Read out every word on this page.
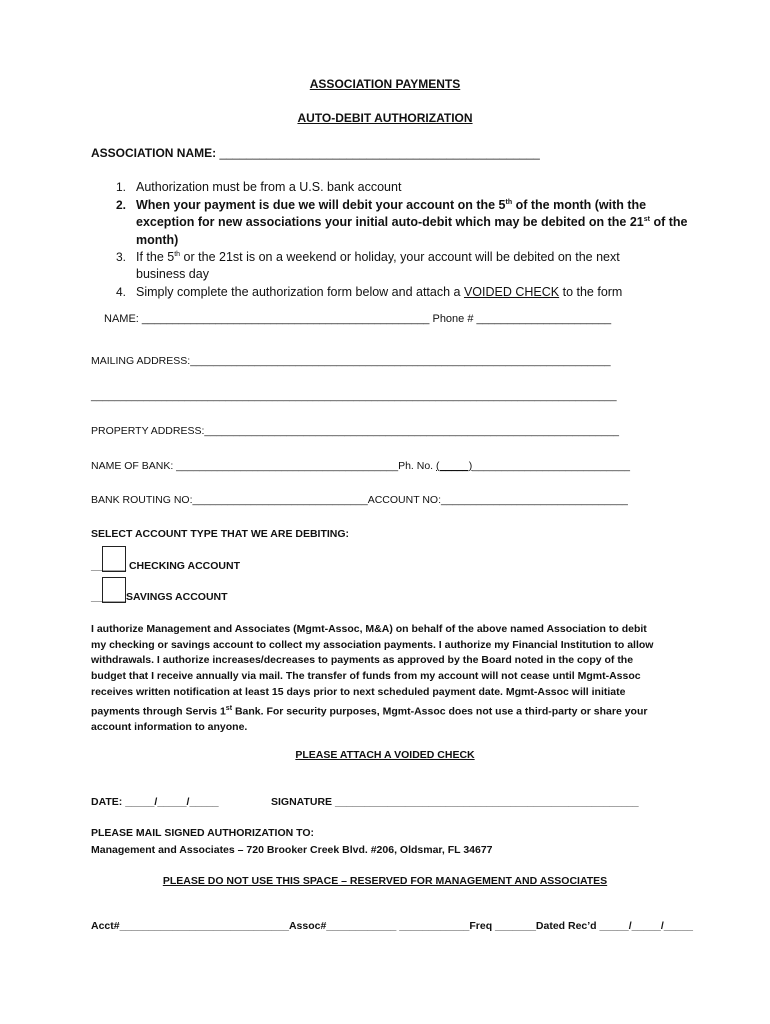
ASSOCIATION PAYMENTS
AUTO-DEBIT AUTHORIZATION
ASSOCIATION NAME: ________________________________________________
1. Authorization must be from a U.S. bank account
2. When your payment is due we will debit your account on the 5th of the month (with the
exception for new associations your initial auto-debit which may be debited on the 21st of the
month)
3. If the 5th or the 21st is on a weekend or holiday, your account will be debited on the next
business day
4. Simply complete the authorization form below and attach a VOIDED CHECK to the form
NAME: _______________________________________________ Phone # ______________________
MAILING ADDRESS:________________________________________________________________________
__________________________________________________________________________________________
PROPERTY ADDRESS:_______________________________________________________________________
NAME OF BANK: ______________________________________Ph. No. (_____)___________________________
BANK ROUTING NO:______________________________ACCOUNT NO:________________________________
SELECT ACCOUNT TYPE THAT WE ARE DEBITING:
______ CHECKING ACCOUNT
______SAVINGS ACCOUNT

I authorize Management and Associates (Mgmt-Assoc, M&A) on behalf of the above named Association to debit

my checking or savings account to collect my association payments. I authorize my Financial Institution to allow

withdrawals. I authorize increases/decreases to payments as approved by the Board noted in the copy of the

budget that I receive annually via mail. The transfer of funds from my account will not cease until Mgmt-Assoc

receives written notification at least 15 days prior to next scheduled payment date. Mgmt-Assoc will initiate

payments through Servis 1st Bank. For security purposes, Mgmt-Assoc does not use a third-party or share your

account information to anyone.

PLEASE ATTACH A VOIDED CHECK
DATE: _____/_____/_____	SIGNATURE ____________________________________________________
PLEASE MAIL SIGNED AUTHORIZATION TO:
Management and Associates – 720 Brooker Creek Blvd. #206, Oldsmar, FL 34677
PLEASE DO NOT USE THIS SPACE – RESERVED FOR MANAGEMENT AND ASSOCIATES
Acct#_____________________________Assoc#____________ ____________Freq _______Dated Rec’d _____/_____/_____
